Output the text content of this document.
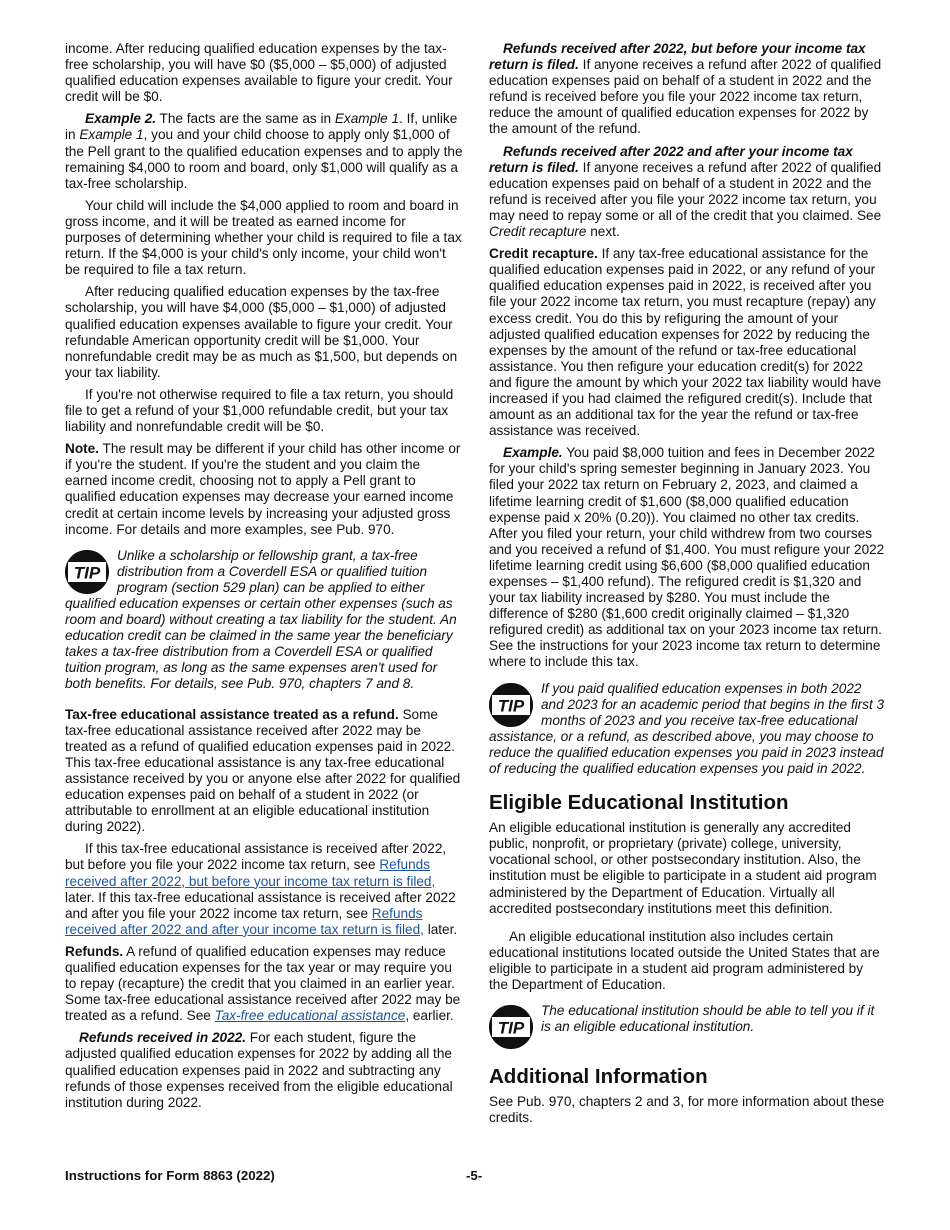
income. After reducing qualified education expenses by the tax-free scholarship, you will have $0 ($5,000 – $5,000) of adjusted qualified education expenses available to figure your credit. Your credit will be $0.

Example 2. The facts are the same as in Example 1. If, unlike in Example 1, you and your child choose to apply only $1,000 of the Pell grant to the qualified education expenses and to apply the remaining $4,000 to room and board, only $1,000 will qualify as a tax-free scholarship.

Your child will include the $4,000 applied to room and board in gross income, and it will be treated as earned income for purposes of determining whether your child is required to file a tax return. If the $4,000 is your child's only income, your child won't be required to file a tax return.

After reducing qualified education expenses by the tax-free scholarship, you will have $4,000 ($5,000 – $1,000) of adjusted qualified education expenses available to figure your credit. Your refundable American opportunity credit will be $1,000. Your nonrefundable credit may be as much as $1,500, but depends on your tax liability.

If you're not otherwise required to file a tax return, you should file to get a refund of your $1,000 refundable credit, but your tax liability and nonrefundable credit will be $0.

Note. The result may be different if your child has other income or if you're the student. If you're the student and you claim the earned income credit, choosing not to apply a Pell grant to qualified education expenses may decrease your earned income credit at certain income levels by increasing your adjusted gross income. For details and more examples, see Pub. 970.

TIP
Unlike a scholarship or fellowship grant, a tax-free distribution from a Coverdell ESA or qualified tuition program (section 529 plan) can be applied to either qualified education expenses or certain other expenses (such as room and board) without creating a tax liability for the student. An education credit can be claimed in the same year the beneficiary takes a tax-free distribution from a Coverdell ESA or qualified tuition program, as long as the same expenses aren't used for both benefits. For details, see Pub. 970, chapters 7 and 8.

Tax-free educational assistance treated as a refund. Some tax-free educational assistance received after 2022 may be treated as a refund of qualified education expenses paid in 2022. This tax-free educational assistance is any tax-free educational assistance received by you or anyone else after 2022 for qualified education expenses paid on behalf of a student in 2022 (or attributable to enrollment at an eligible educational institution during 2022).

If this tax-free educational assistance is received after 2022, but before you file your 2022 income tax return, see Refunds received after 2022, but before your income tax return is filed, later. If this tax-free educational assistance is received after 2022 and after you file your 2022 income tax return, see Refunds received after 2022 and after your income tax return is filed, later.

Refunds. A refund of qualified education expenses may reduce qualified education expenses for the tax year or may require you to repay (recapture) the credit that you claimed in an earlier year. Some tax-free educational assistance received after 2022 may be treated as a refund. See Tax-free educational assistance, earlier.

Refunds received in 2022. For each student, figure the adjusted qualified education expenses for 2022 by adding all the qualified education expenses paid in 2022 and subtracting any refunds of those expenses received from the eligible educational institution during 2022.

Refunds received after 2022, but before your income tax return is filed. If anyone receives a refund after 2022 of qualified education expenses paid on behalf of a student in 2022 and the refund is received before you file your 2022 income tax return, reduce the amount of qualified education expenses for 2022 by the amount of the refund.

Refunds received after 2022 and after your income tax return is filed. If anyone receives a refund after 2022 of qualified education expenses paid on behalf of a student in 2022 and the refund is received after you file your 2022 income tax return, you may need to repay some or all of the credit that you claimed. See Credit recapture next.

Credit recapture. If any tax-free educational assistance for the qualified education expenses paid in 2022, or any refund of your qualified education expenses paid in 2022, is received after you file your 2022 income tax return, you must recapture (repay) any excess credit. You do this by refiguring the amount of your adjusted qualified education expenses for 2022 by reducing the expenses by the amount of the refund or tax-free educational assistance. You then refigure your education credit(s) for 2022 and figure the amount by which your 2022 tax liability would have increased if you had claimed the refigured credit(s). Include that amount as an additional tax for the year the refund or tax-free assistance was received.

Example. You paid $8,000 tuition and fees in December 2022 for your child's spring semester beginning in January 2023. You filed your 2022 tax return on February 2, 2023, and claimed a lifetime learning credit of $1,600 ($8,000 qualified education expense paid x 20% (0.20)). You claimed no other tax credits. After you filed your return, your child withdrew from two courses and you received a refund of $1,400. You must refigure your 2022 lifetime learning credit using $6,600 ($8,000 qualified education expenses – $1,400 refund). The refigured credit is $1,320 and your tax liability increased by $280. You must include the difference of $280 ($1,600 credit originally claimed – $1,320 refigured credit) as additional tax on your 2023 income tax return. See the instructions for your 2023 income tax return to determine where to include this tax.

TIP
If you paid qualified education expenses in both 2022 and 2023 for an academic period that begins in the first 3 months of 2023 and you receive tax-free educational assistance, or a refund, as described above, you may choose to reduce the qualified education expenses you paid in 2023 instead of reducing the qualified education expenses you paid in 2022.
Eligible Educational Institution

An eligible educational institution is generally any accredited public, nonprofit, or proprietary (private) college, university, vocational school, or other postsecondary institution. Also, the institution must be eligible to participate in a student aid program administered by the Department of Education. Virtually all accredited postsecondary institutions meet this definition.

An eligible educational institution also includes certain educational institutions located outside the United States that are eligible to participate in a student aid program administered by the Department of Education.

TIP
The educational institution should be able to tell you if it is an eligible educational institution.
Additional Information

See Pub. 970, chapters 2 and 3, for more information about these credits.

Instructions for Form 8863 (2022)	-5-
